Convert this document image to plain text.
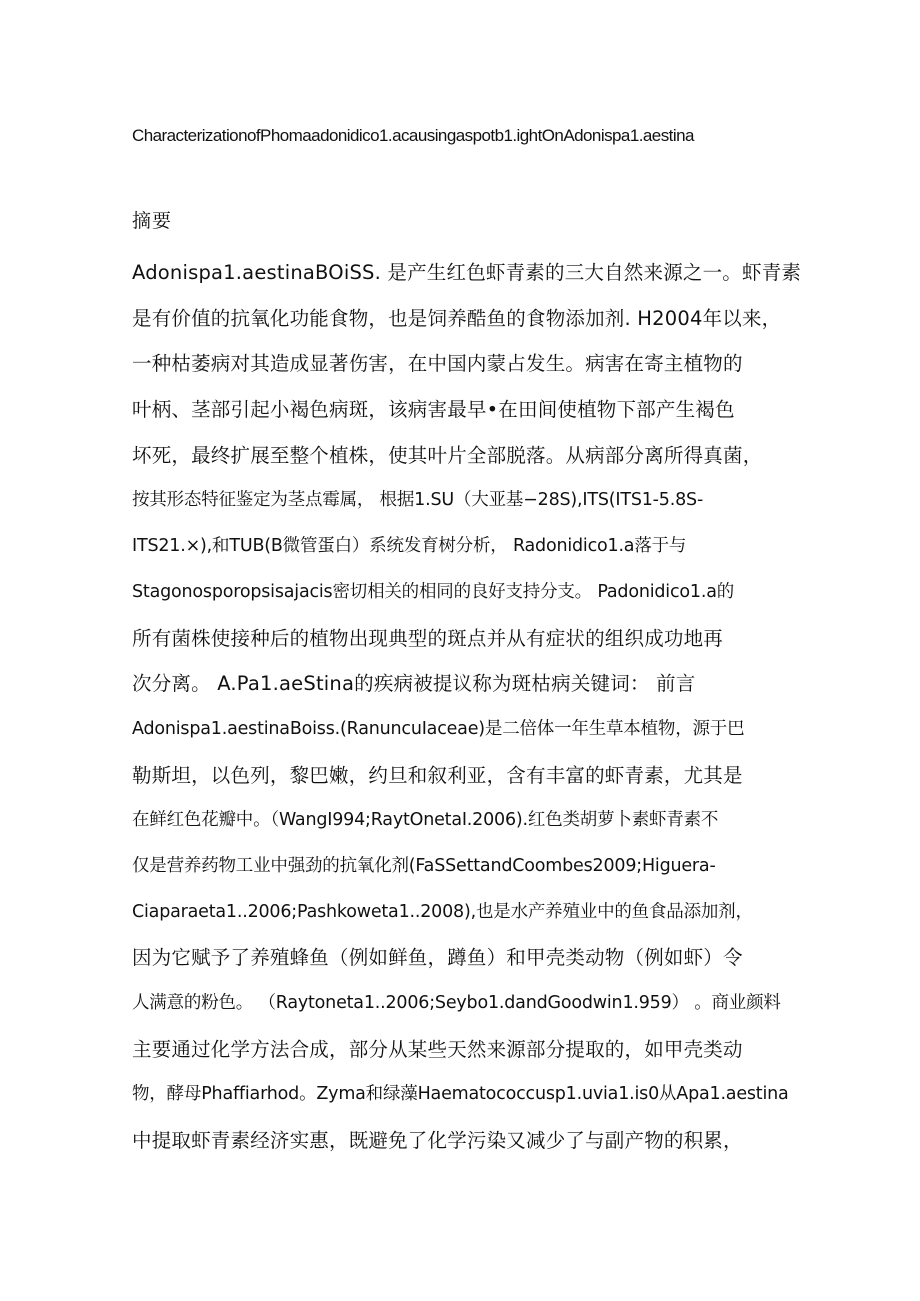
CharacterizationofPhomaadonidico1.acausingaspotb1.ightOnAdonispa1.aestina
摘要
Adonispa1.aestinaBOiSS. 是产生红色虾青素的三大自然来源之一。虾青素
是有价值的抗氧化功能食物，也是饲养酷鱼的食物添加剂. H2004年以来，
一种枯萎病对其造成显著伤害，在中国内蒙占发生。病害在寄主植物的
叶柄、茎部引起小褐色病斑，该病害最早•在田间使植物下部产生褐色
坏死，最终扩展至整个植株，使其叶片全部脱落。从病部分离所得真菌，
按其形态特征鉴定为茎点霉属， 根据1.SU（大亚基−28S),ITS(ITS1-5.8S-
ITS21.×),和TUB(B微管蛋白）系统发育树分析， Radonidico1.a落于与
Stagonosporopsisajacis密切相关的相同的良好支持分支。 Padonidico1.a的
所有菌株使接种后的植物出现典型的斑点并从有症状的组织成功地再
次分离。 A.Pa1.aeStina的疾病被提议称为斑枯病关键词： 前言
Adonispa1.aestinaBoiss.(RanuncuIaceae)是二倍体一年生草本植物，源于巴
勒斯坦，以色列，黎巴嫩，约旦和叙利亚，含有丰富的虾青素，尤其是
在鲜红色花瓣中。（WangI994;RaytOnetaI.2006).红色类胡萝卜素虾青素不
仅是营养药物工业中强劲的抗氧化剂(FaSSettandCoombes2009;Higuera-
Ciaparaeta1..2006;Pashkoweta1..2008),也是水产养殖业中的鱼食品添加剂，
因为它赋予了养殖蜂鱼（例如鲜鱼，蹲鱼）和甲壳类动物（例如虾）令
人满意的粉色。 （Raytoneta1..2006;Seybo1.dandGoodwin1.959） 。商业颜料
主要通过化学方法合成，部分从某些天然来源部分提取的，如甲壳类动
物，酵母Phaffiarhod。Zyma和绿藻Haematococcusp1.uvia1.is0从Apa1.aestina
中提取虾青素经济实惠，既避免了化学污染又减少了与副产物的积累，
